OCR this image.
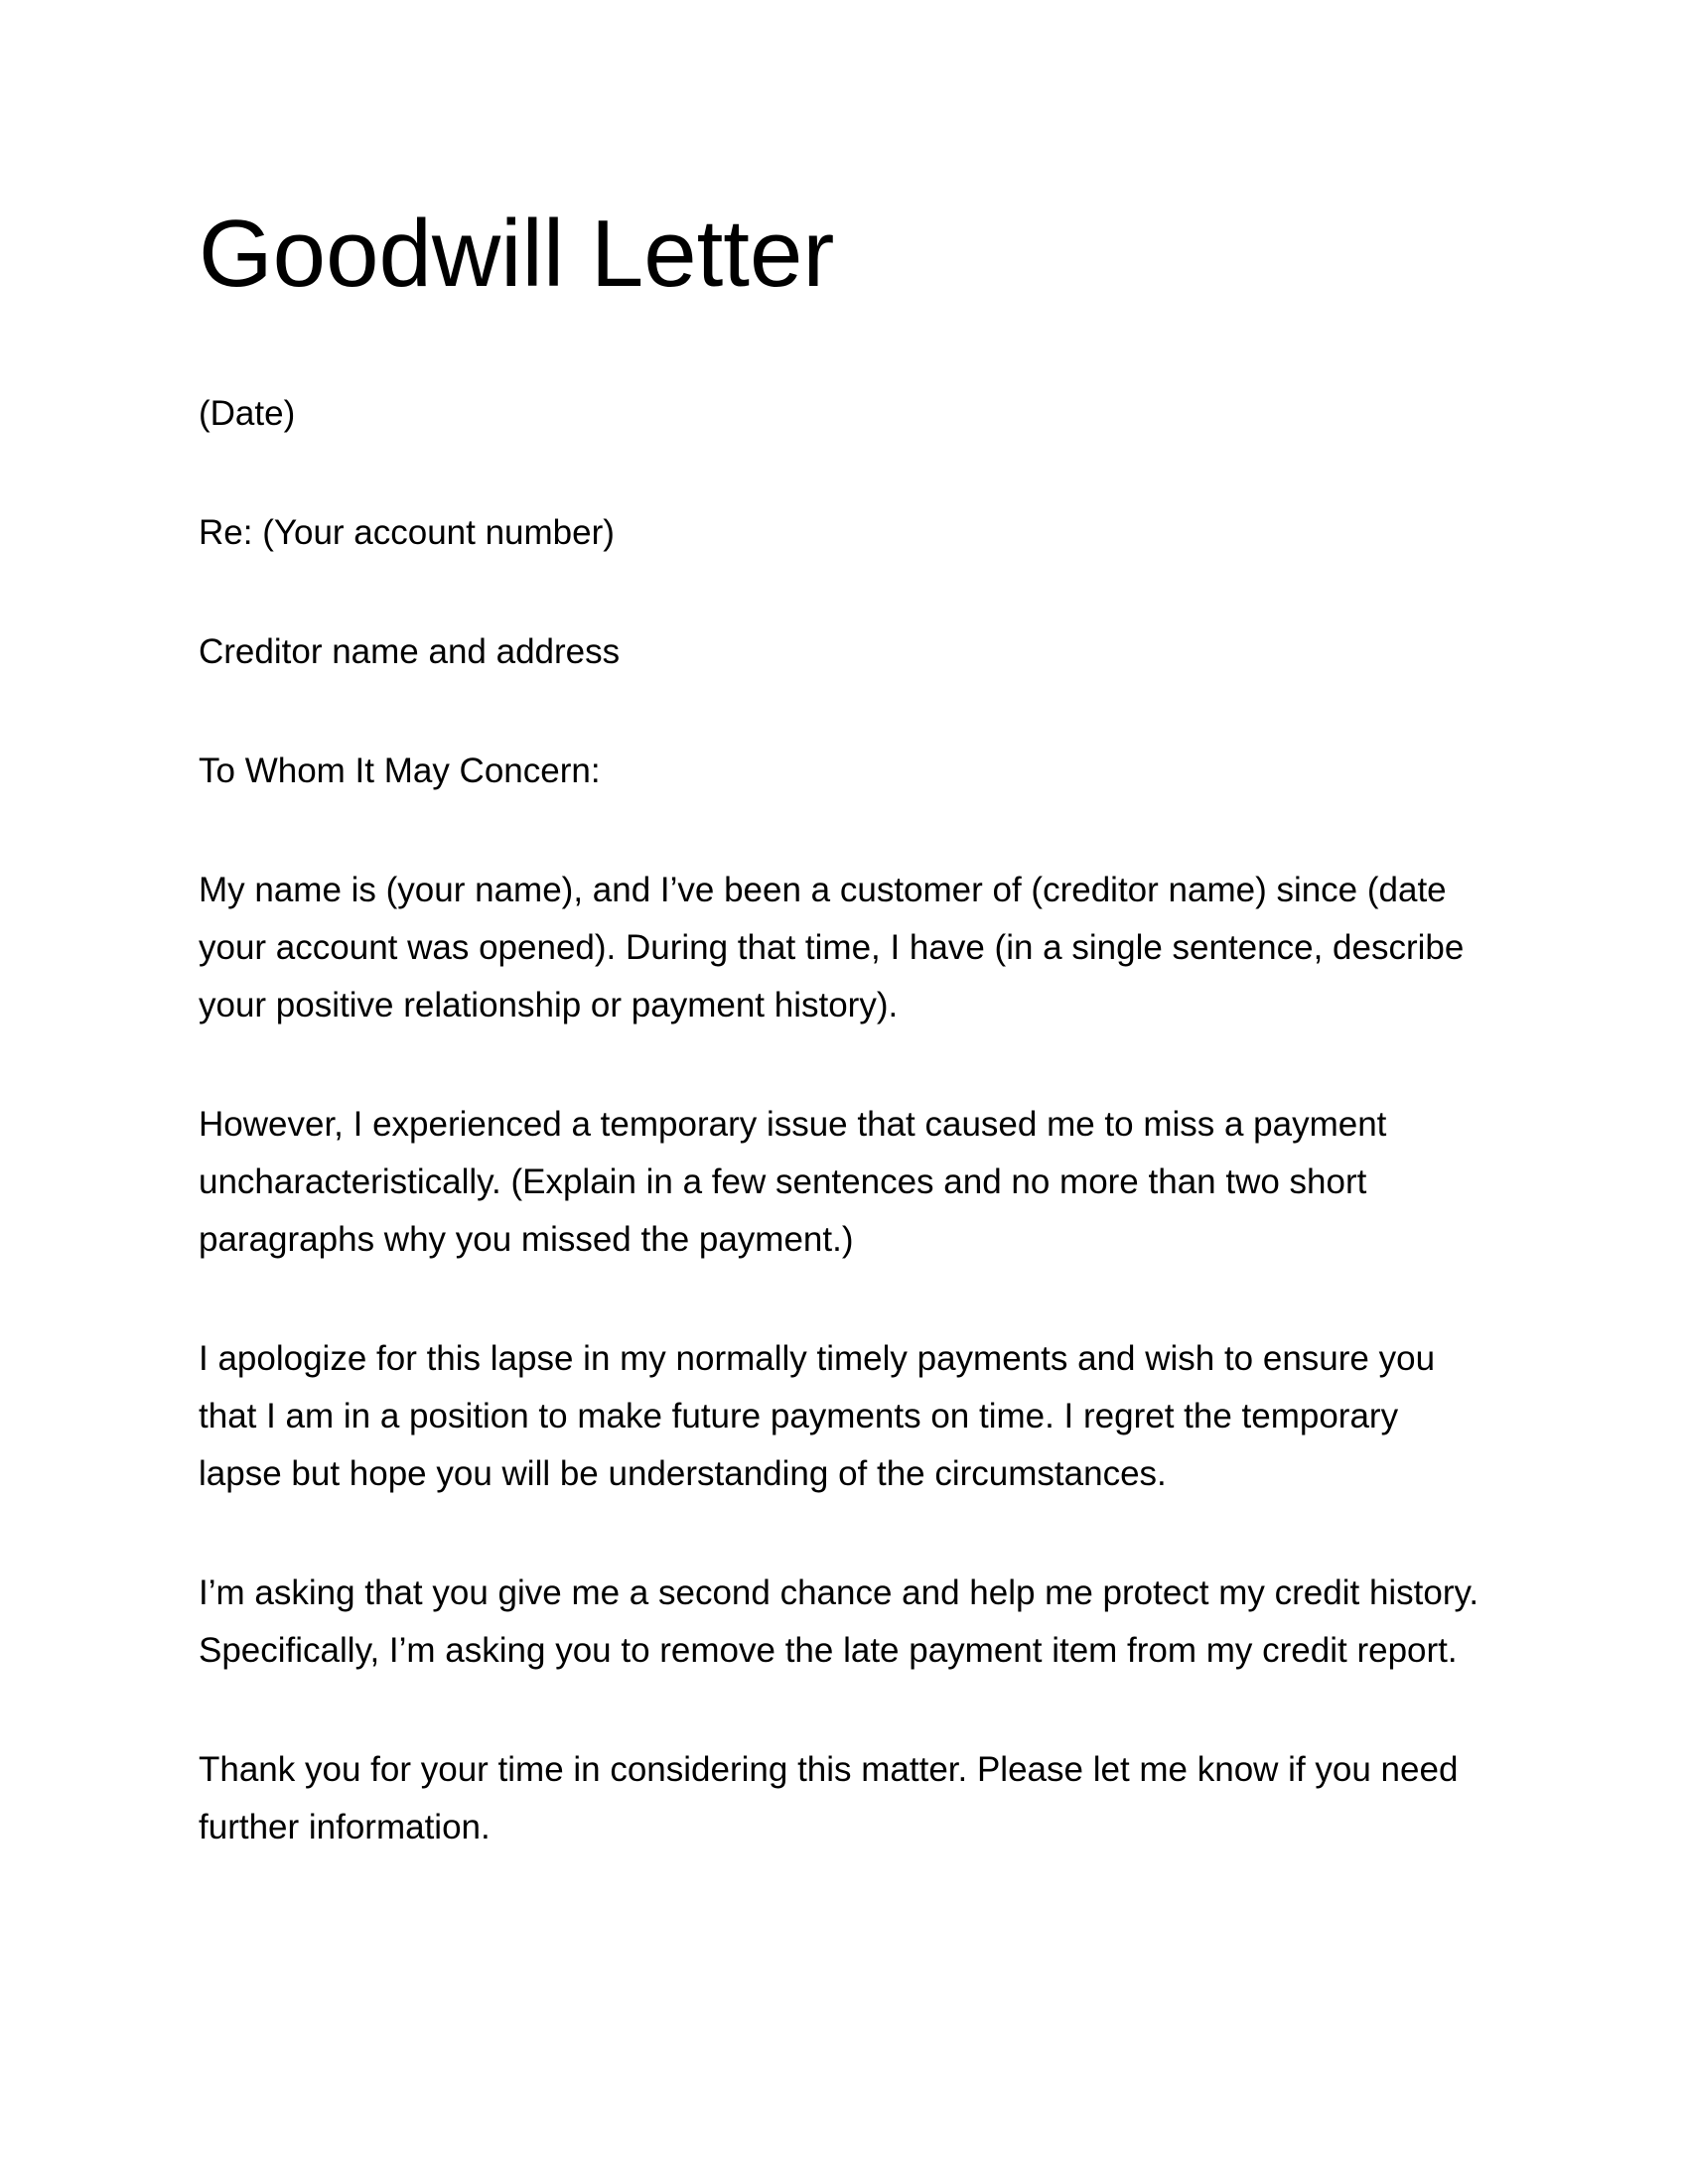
Goodwill Letter

(Date)

Re: (Your account number)

Creditor name and address

To Whom It May Concern:

My name is (your name), and I’ve been a customer of (creditor name) since (date your account was opened). During that time, I have (in a single sentence, describe your positive relationship or payment history).

However, I experienced a temporary issue that caused me to miss a payment uncharacteristically. (Explain in a few sentences and no more than two short paragraphs why you missed the payment.)

I apologize for this lapse in my normally timely payments and wish to ensure you that I am in a position to make future payments on time. I regret the temporary lapse but hope you will be understanding of the circumstances.

I’m asking that you give me a second chance and help me protect my credit history. Specifically, I’m asking you to remove the late payment item from my credit report.

Thank you for your time in considering this matter. Please let me know if you need further information.
